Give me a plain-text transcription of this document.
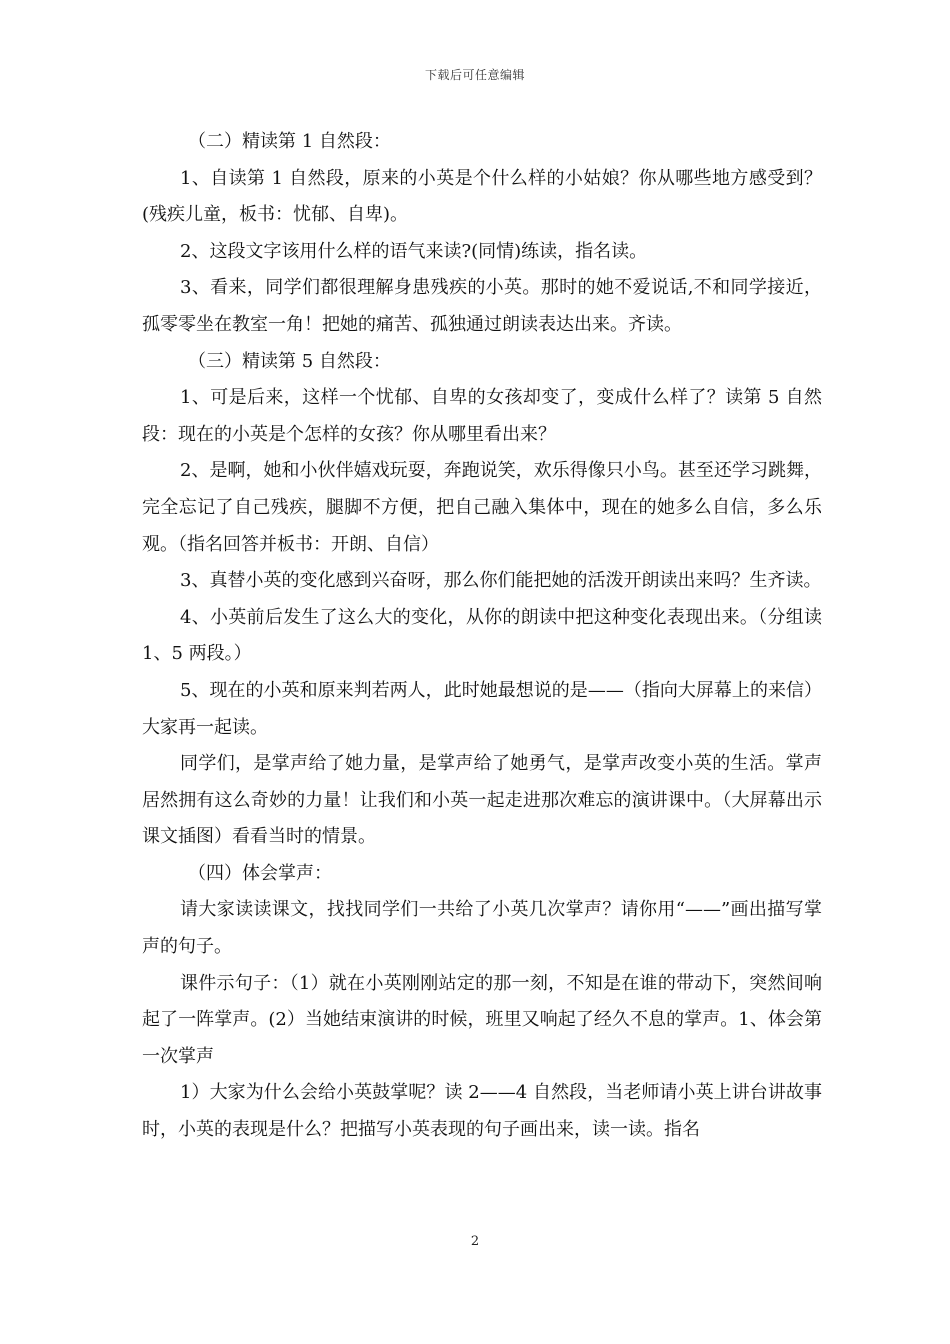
下载后可任意编辑

（二）精读第 1 自然段：

1、自读第 1 自然段，原来的小英是个什么样的小姑娘？你从哪些地方感受到？(残疾儿童，板书：忧郁、自卑)。

2、这段文字该用什么样的语气来读?(同情)练读，指名读。

3、看来，同学们都很理解身患残疾的小英。那时的她不爱说话,不和同学接近，孤零零坐在教室一角！把她的痛苦、孤独通过朗读表达出来。齐读。

（三）精读第 5 自然段：

1、可是后来，这样一个忧郁、自卑的女孩却变了，变成什么样了？读第 5 自然段：现在的小英是个怎样的女孩？你从哪里看出来？

2、是啊，她和小伙伴嬉戏玩耍，奔跑说笑，欢乐得像只小鸟。甚至还学习跳舞，完全忘记了自己残疾，腿脚不方便，把自己融入集体中，现在的她多么自信，多么乐观。（指名回答并板书：开朗、自信）

3、真替小英的变化感到兴奋呀，那么你们能把她的活泼开朗读出来吗？生齐读。

4、小英前后发生了这么大的变化，从你的朗读中把这种变化表现出来。（分组读 1、5 两段。）

5、现在的小英和原来判若两人，此时她最想说的是——（指向大屏幕上的来信）大家再一起读。

同学们，是掌声给了她力量，是掌声给了她勇气，是掌声改变小英的生活。掌声居然拥有这么奇妙的力量！让我们和小英一起走进那次难忘的演讲课中。（大屏幕出示课文插图）看看当时的情景。

（四）体会掌声：

请大家读读课文，找找同学们一共给了小英几次掌声？请你用“——”画出描写掌声的句子。

课件示句子：（1）就在小英刚刚站定的那一刻，不知是在谁的带动下，突然间响起了一阵掌声。(2）当她结束演讲的时候，班里又响起了经久不息的掌声。1、体会第一次掌声

1）大家为什么会给小英鼓掌呢？读 2——4 自然段，当老师请小英上讲台讲故事时，小英的表现是什么？把描写小英表现的句子画出来，读一读。指名

2
